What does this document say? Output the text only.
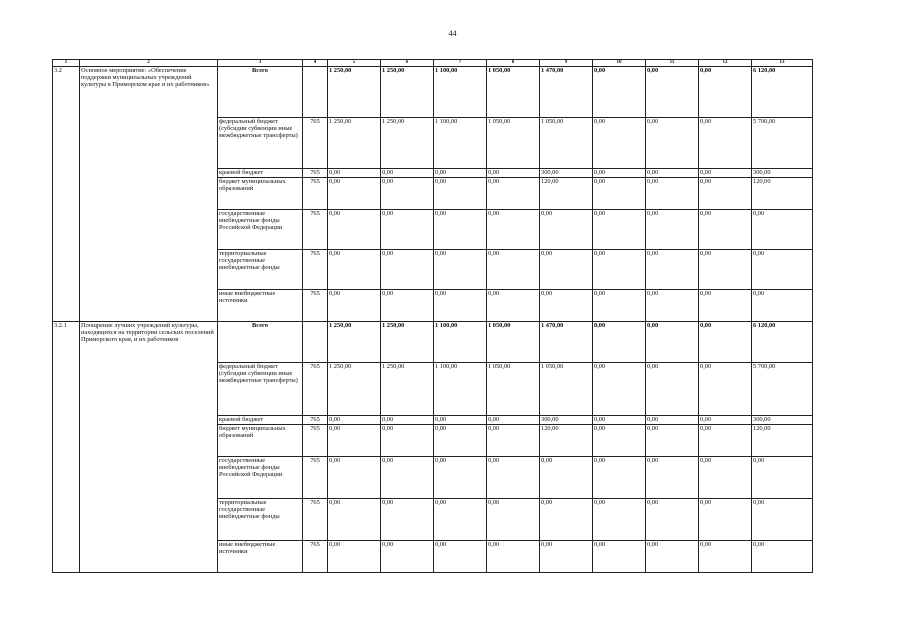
44
1	2	3	4	5	6	7	8	9	10	11	12	13
3.2	Основное мероприятие: «Обеспечение поддержки муниципальных учреждений культуры в Приморском крае и их работников»	Всего		1 250,00	1 250,00	1 100,00	1 050,00	1 470,00	0,00	0,00	0,00	6 120,00
		федеральный бюджет (субсидии субвенции иные межбюджетные трансферты)	765	1 250,00	1 250,00	1 100,00	1 050,00	1 050,00	0,00	0,00	0,00	5 700,00
		краевой бюджет	765	0,00	0,00	0,00	0,00	300,00	0,00	0,00	0,00	300,00
		бюджет муниципальных образований	765	0,00	0,00	0,00	0,00	120,00	0,00	0,00	0,00	120,00
		государственные внебюджетные фонды Российской Федерации	765	0,00	0,00	0,00	0,00	0,00	0,00	0,00	0,00	0,00
		территориальные государственные внебюджетные фонды	765	0,00	0,00	0,00	0,00	0,00	0,00	0,00	0,00	0,00
		иные внебюджетные источники	765	0,00	0,00	0,00	0,00	0,00	0,00	0,00	0,00	0,00
3.2.1	Поощрение лучших учреждений культуры, находящихся на территории сельских поселений Приморского края, и их работников	Всего		1 250,00	1 250,00	1 100,00	1 050,00	1 470,00	0,00	0,00	0,00	6 120,00
		федеральный бюджет (субсидии субвенции иные межбюджетные трансферты)	765	1 250,00	1 250,00	1 100,00	1 050,00	1 050,00	0,00	0,00	0,00	5 700,00
		краевой бюджет	765	0,00	0,00	0,00	0,00	300,00	0,00	0,00	0,00	300,00
		бюджет муниципальных образований	765	0,00	0,00	0,00	0,00	120,00	0,00	0,00	0,00	120,00
		государственные внебюджетные фонды Российской Федерации	765	0,00	0,00	0,00	0,00	0,00	0,00	0,00	0,00	0,00
		территориальные государственные внебюджетные фонды	765	0,00	0,00	0,00	0,00	0,00	0,00	0,00	0,00	0,00
		иные внебюджетные источники	765	0,00	0,00	0,00	0,00	0,00	0,00	0,00	0,00	0,00
